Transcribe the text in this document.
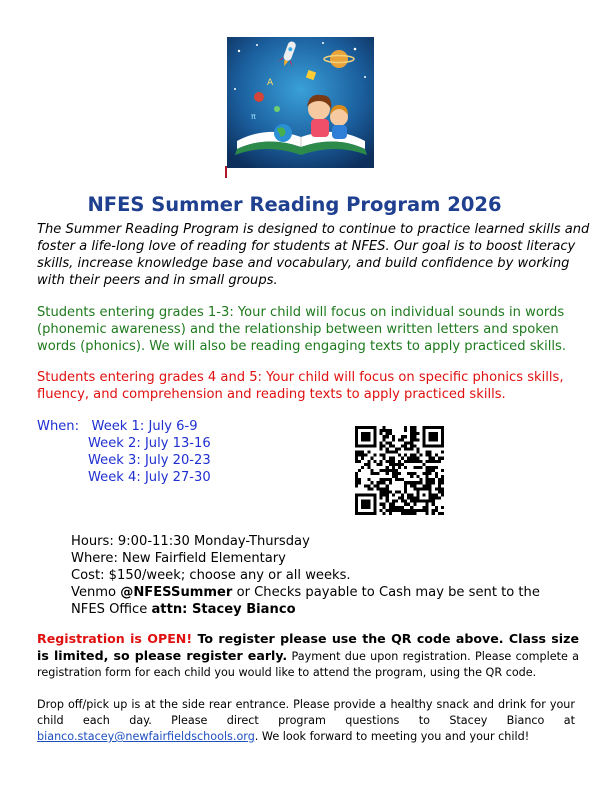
A
π
NFES Summer Reading Program 2026
The Summer Reading Program is designed to continue to practice learned skills and foster a life-long love of reading for students at NFES. Our goal is to boost literacy skills, increase knowledge base and vocabulary, and build confidence by working with their peers and in small groups.
Students entering grades 1-3: Your child will focus on individual sounds in words (phonemic awareness) and the relationship between written letters and spoken words (phonics). We will also be reading engaging texts to apply practiced skills.
Students entering grades 4 and 5: Your child will focus on specific phonics skills, fluency, and comprehension and reading texts to apply practiced skills.
When: Week 1: July 6-9
Week 2: July 13-16
Week 3: July 20-23
Week 4: July 27-30
Hours: 9:00-11:30 Monday-Thursday
Where: New Fairfield Elementary
Cost: $150/week; choose any or all weeks.
Venmo @NFESSummer or Checks payable to Cash may be sent to the
NFES Office attn: Stacey Bianco
Registration is OPEN! To register please use the QR code above. Class size is limited, so please register early. Payment due upon registration. Please complete a registration form for each child you would like to attend the program, using the QR code.
Drop off/pick up is at the side rear entrance. Please provide a healthy snack and drink for your child each day. Please direct program questions to Stacey Bianco at bianco.stacey@newfairfieldschools.org. We look forward to meeting you and your child!
